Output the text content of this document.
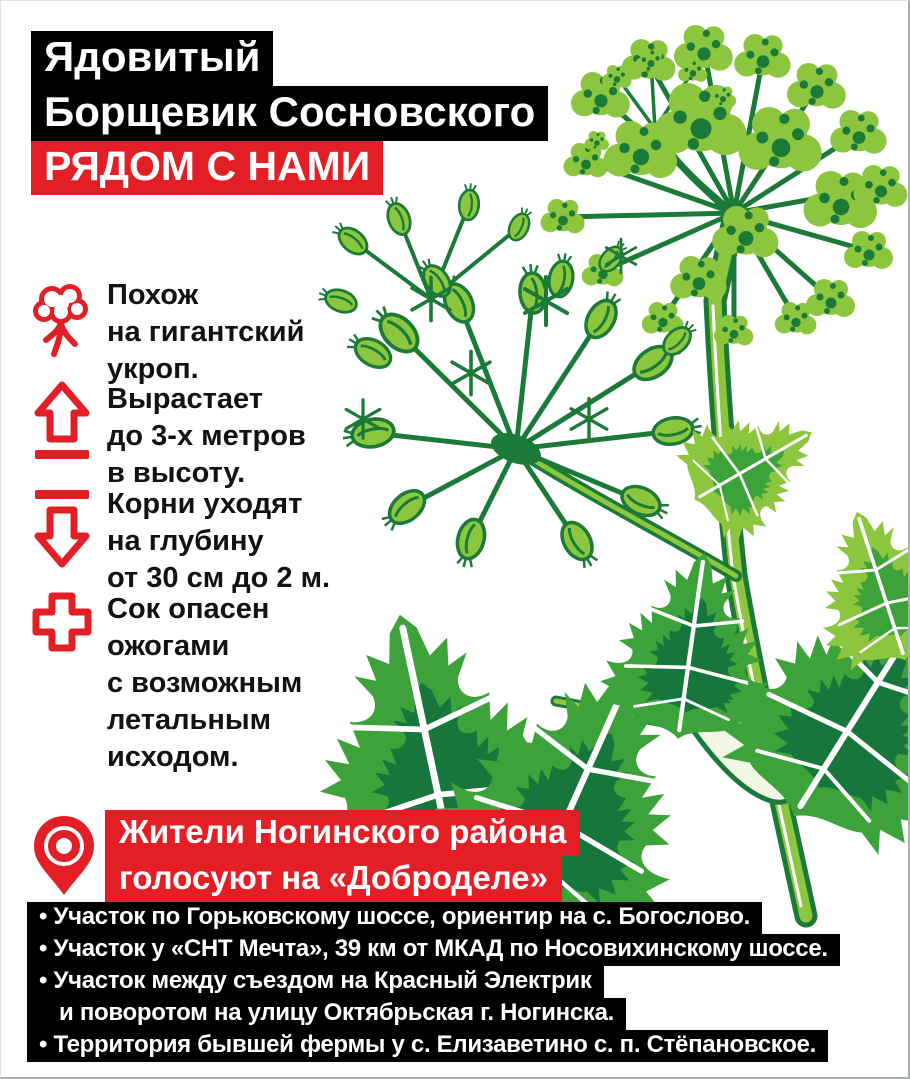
Ядовитый
Борщевик Сосновского
РЯДОМ С НАМИ
Похож
на гигантский
укроп.
Вырастает
до 3-х метров
в высоту.
Корни уходят
на глубину
от 30 см до 2 м.
Сок опасен
ожогами
с возможным
летальным
исходом.
Жители Ногинского района
голосуют на «Доброделе»
• Участок по Горьковскому шоссе, ориентир на с. Богослово.
• Участок у «СНТ Мечта», 39 км от МКАД по Носовихинскому шоссе.
• Участок между съездом на Красный Электрик
и поворотом на улицу Октябрьская г. Ногинска.
• Территория бывшей фермы у с. Елизаветино с. п. Стёпановское.
